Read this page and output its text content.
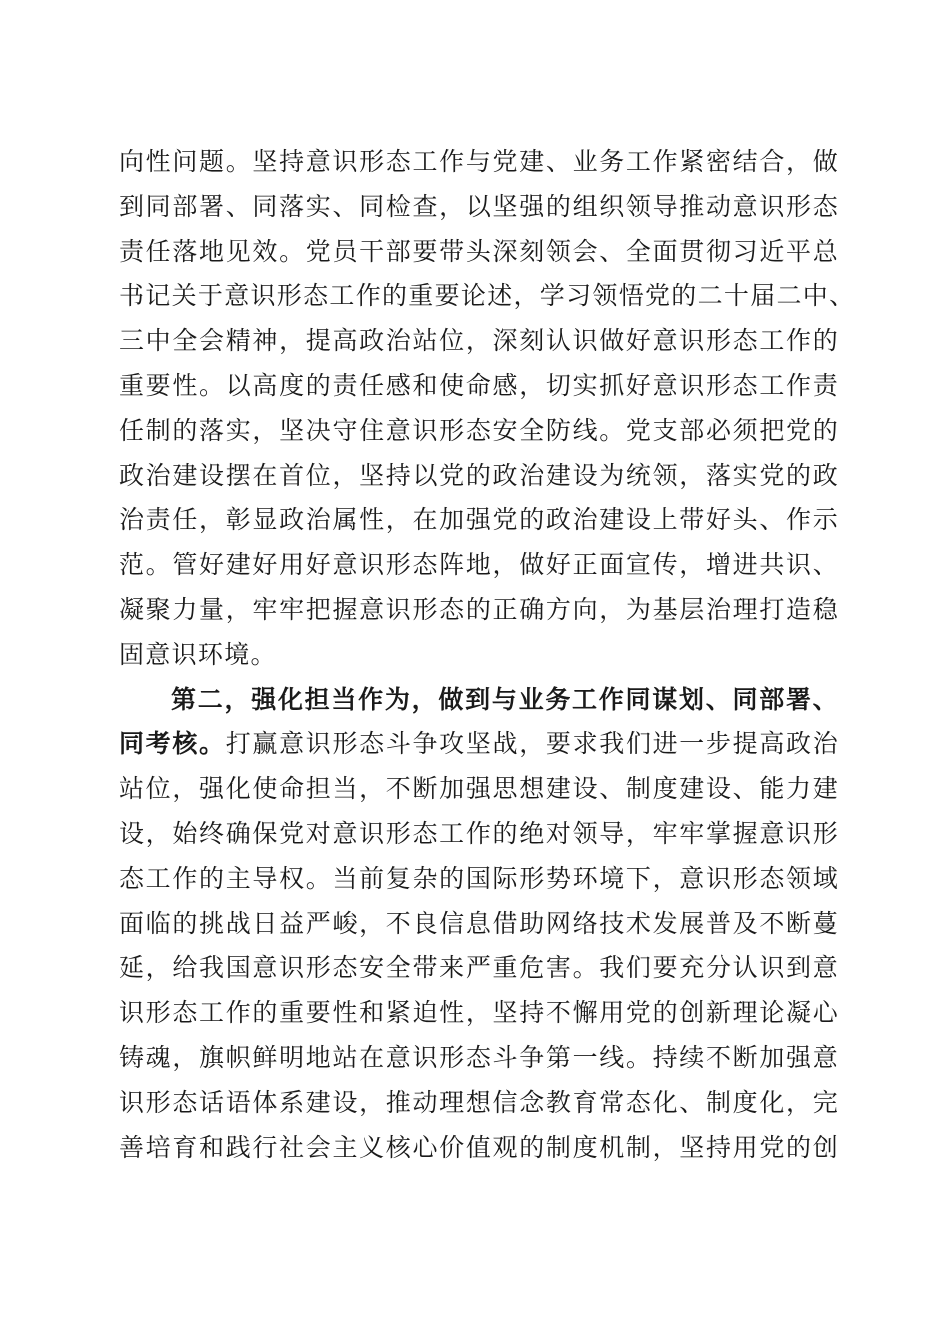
向性问题。坚持意识形态工作与党建、业务工作紧密结合，做
到同部署、同落实、同检查，以坚强的组织领导推动意识形态
责任落地见效。党员干部要带头深刻领会、全面贯彻习近平总
书记关于意识形态工作的重要论述，学习领悟党的二十届二中、
三中全会精神，提高政治站位，深刻认识做好意识形态工作的
重要性。以高度的责任感和使命感，切实抓好意识形态工作责
任制的落实，坚决守住意识形态安全防线。党支部必须把党的
政治建设摆在首位，坚持以党的政治建设为统领，落实党的政
治责任，彰显政治属性，在加强党的政治建设上带好头、作示
范。管好建好用好意识形态阵地，做好正面宣传，增进共识、
凝聚力量，牢牢把握意识形态的正确方向，为基层治理打造稳
固意识环境。
第二，强化担当作为，做到与业务工作同谋划、同部署、
同考核。打赢意识形态斗争攻坚战，要求我们进一步提高政治
站位，强化使命担当，不断加强思想建设、制度建设、能力建
设，始终确保党对意识形态工作的绝对领导，牢牢掌握意识形
态工作的主导权。当前复杂的国际形势环境下，意识形态领域
面临的挑战日益严峻，不良信息借助网络技术发展普及不断蔓
延，给我国意识形态安全带来严重危害。我们要充分认识到意
识形态工作的重要性和紧迫性，坚持不懈用党的创新理论凝心
铸魂，旗帜鲜明地站在意识形态斗争第一线。持续不断加强意
识形态话语体系建设，推动理想信念教育常态化、制度化，完
善培育和践行社会主义核心价值观的制度机制，坚持用党的创
